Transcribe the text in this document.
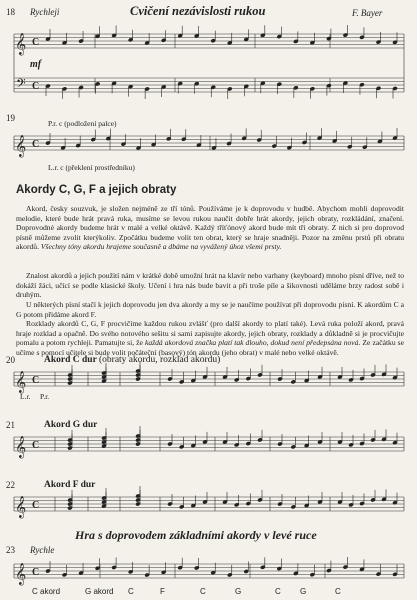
18 Rychleji	Cvičení nezávislosti rukou	F. Bayer
mf
𝄞
𝄢
𝄞
𝄞
𝄞
𝄞
𝄞
C
C
C
C
C
C
C
19
P.r. c (podložení palce)
L.r. c (překlení prostředníku)
Akordy C, G, F a jejich obraty
Akord, česky souzvuk, je složen nejméně ze tří tónů. Používáme je k doprovodu v hudbě. Abychom mohli doprovodit melodie, které bude hrát pravá ruka, musíme se levou rukou naučit dobře hrát akordy, jejich obraty, rozkládání, značení. Doprovodné akordy budeme hrát v malé a velké oktávě. Každý tříťónový akord bude mít tři obraty. Z nich si pro doprovod písně můžeme zvolit kterýkoliv. Zpočátku budeme volit ten obrat, který se hraje snadněji. Pozor na změnu prstů při obratu akordů. Všechny tóny akordu hrajeme současně a dbáme na vyvážený úhoz všemi prsty.
Znalost akordů a jejich použití nám v krátké době umožní hrát na klavír nebo varhany (keyboard) mnoho písní dříve, než to dokáží žáci, učící se podle klasické školy. Učení i hra nás bude bavit a při troše píle a šikovnosti uděláme brzy radost sobě i druhým.
U některých písní stačí k jejich doprovodu jen dva akordy a my se je naučíme používat při doprovodu písní. K akordům C a G potom přidáme akord F.
Rozklady akordů C, G, F procvičíme každou rukou zvlášť (pro další akordy to platí také). Levá ruka položí akord, pravá hraje rozklad a opačně. Do svého notového sešitu si sami zapisujte akordy, jejich obraty, rozklady a důkladně si je procvičujte pomalu a potom rychleji. Pamatujte si, že každá akordová značka platí tak dlouho, dokud není předepsána nová. Ze začátku se učíme s pomocí učitele si bude volit počáteční (basový) tón akordu (jeho obrat) v malé nebo velké oktávě.
20	Akord C dur (obraty akordu, rozklad akordu)
L.r. P.r.
21	Akord G dur
22	Akord F dur
Hra s doprovodem základními akordy v levé ruce
23 Rychle
C akord	G akord C	F	C	G	C G	C
